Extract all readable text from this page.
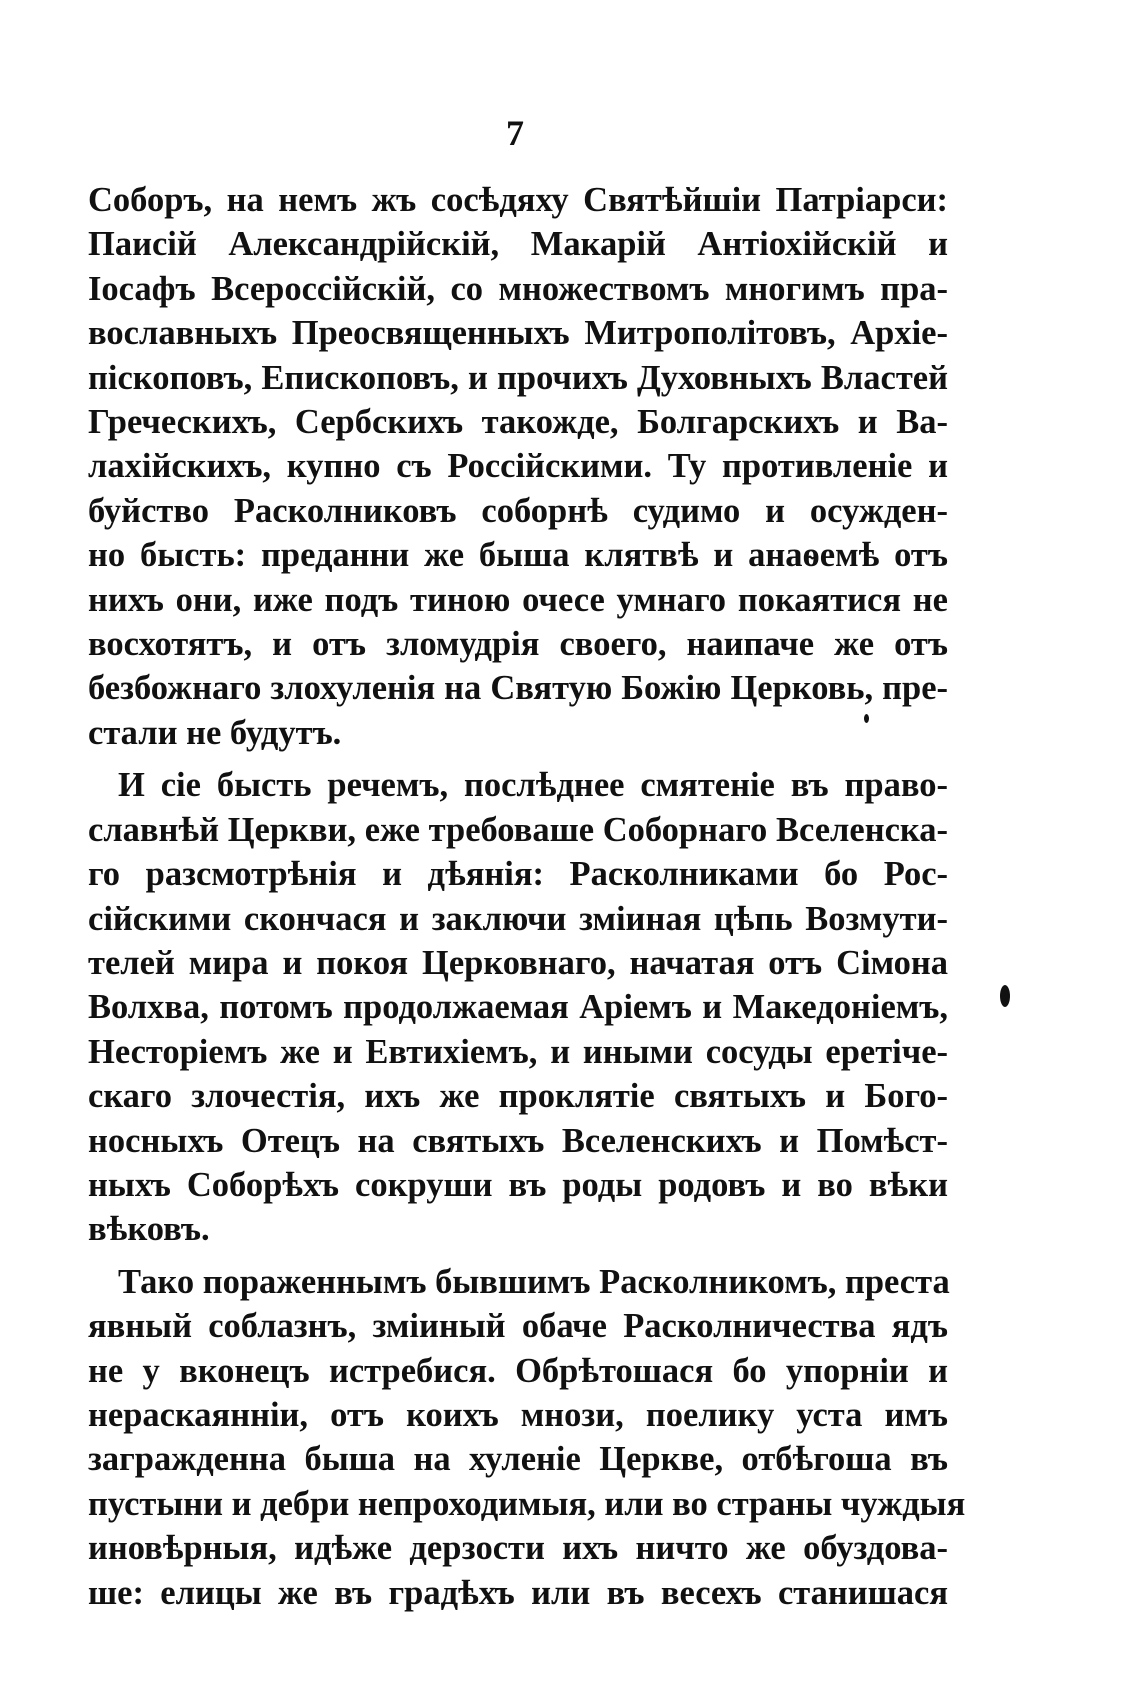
7
Соборъ, на немъ жъ сосѣдяху Святѣйшіи Патріарси:
Паисій Александрійскій, Макарій Антіохійскій и
Іосафъ Всероссійскій, со множествомъ многимъ пра-
вославныхъ Преосвященныхъ Митрополітовъ, Архіе-
піскоповъ, Епископовъ, и прочихъ Духовныхъ Властей
Греческихъ, Сербскихъ такожде, Болгарскихъ и Ва-
лахійскихъ, купно съ Россійскими. Ту противленіе и
буйство Расколниковъ соборнѣ судимо и осужден-
но бысть: преданни же быша клятвѣ и анаѳемѣ отъ
нихъ они, иже подъ тиною очесе умнаго покаятися не
восхотятъ, и отъ зломудрія своего, наипаче же отъ
безбожнаго злохуленія на Святую Божію Церковь, пре-
стали не будутъ.
И сіе бысть речемъ, послѣднее смятеніе въ право-
славнѣй Церкви, еже требоваше Соборнаго Вселенска-
го разсмотрѣнія и дѣянія: Расколниками бо Рос-
сійскими скончася и заключи зміиная цѣпь Возмути-
телей мира и покоя Церковнаго, начатая отъ Сімона
Волхва, потомъ продолжаемая Аріемъ и Македоніемъ,
Несторіемъ же и Евтихіемъ, и иными сосуды еретіче-
скаго злочестія, ихъ же проклятіе святыхъ и Бого-
носныхъ Отецъ на святыхъ Вселенскихъ и Помѣст-
ныхъ Соборѣхъ сокруши въ роды родовъ и во вѣки
вѣковъ.
Тако пораженнымъ бывшимъ Расколникомъ, преста
явный соблазнъ, зміиный обаче Расколничества ядъ
не у вконецъ истребися. Обрѣтошася бо упорніи и
нераскаяннiи, отъ коихъ мнози, поелику уста имъ
загражденна быша на хуленіе Церкве, отбѣгоша въ
пустыни и дебри непроходимыя, или во страны чуждыя
иновѣрныя, идѣже дерзости ихъ ничто же обуздова-
ше: елицы же въ градѣхъ или въ весехъ станишася
